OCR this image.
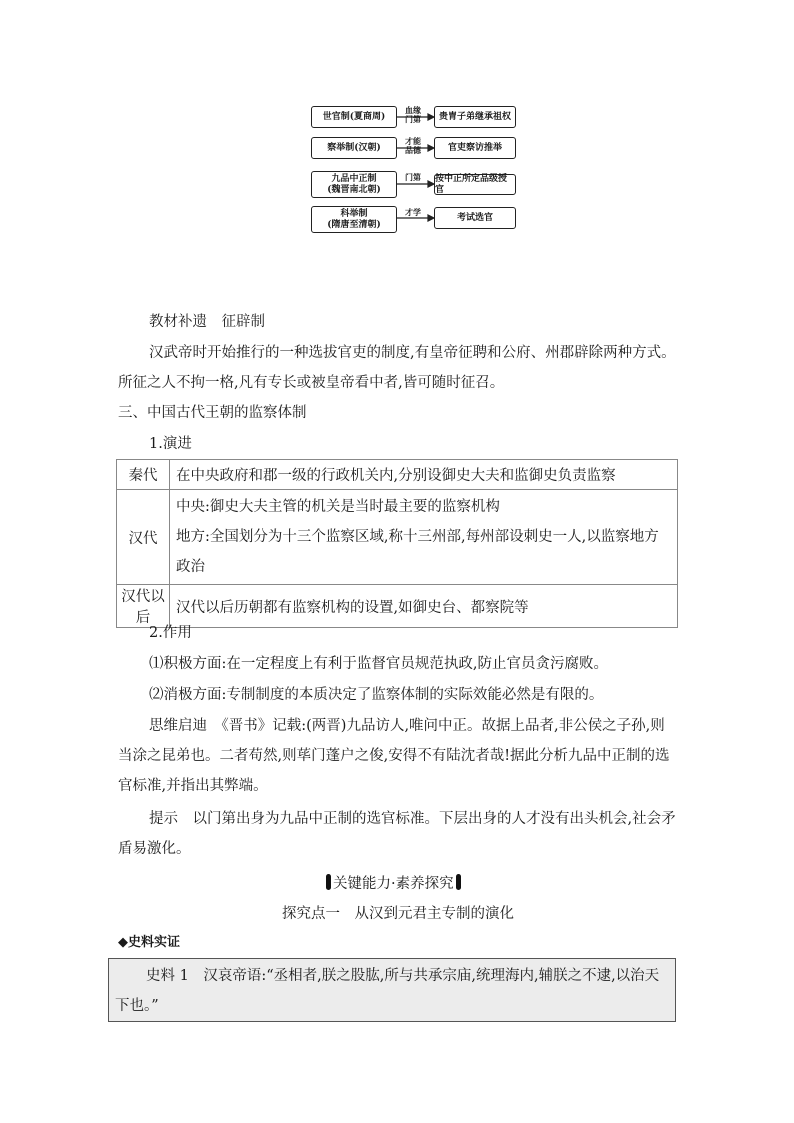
世官制(夏商周)
血缘
门第	贵胄子弟继承祖权
察举制(汉朝)
才能
品德	官吏察访推举
九品中正制
(魏晋南北朝)
门第	按中正所定品级授官
科举制
(隋唐至清朝)
才学
考试选官
教材补遗　征辟制
汉武帝时开始推行的一种选拔官吏的制度,有皇帝征聘和公府、州郡辟除两种方式。所征之人不拘一格,凡有专长或被皇帝看中者,皆可随时征召。
三、中国古代王朝的监察体制
1.演进
秦代	在中央政府和郡一级的行政机关内,分别设御史大夫和监御史负责监察
汉代	中央:御史大夫主管的机关是当时最主要的监察机构
地方:全国划分为十三个监察区域,称十三州部,每州部设刺史一人,以监察地方政治

汉代以后	汉代以后历朝都有监察机构的设置,如御史台、都察院等
2.作用
⑴积极方面:在一定程度上有利于监督官员规范执政,防止官员贪污腐败。
⑵消极方面:专制制度的本质决定了监察体制的实际效能必然是有限的。
思维启迪　《晋书》记载:(两晋)九品访人,唯问中正。故据上品者,非公侯之子孙,则当涂之昆弟也。二者苟然,则荜门蓬户之俊,安得不有陆沈者哉!据此分析九品中正制的选官标准,并指出其弊端。
提示　以门第出身为九品中正制的选官标准。下层出身的人才没有出头机会,社会矛盾易激化。
关键能力·素养探究
探究点一　从汉到元君主专制的演化
◆史料实证
史料 1　汉哀帝语:“丞相者,朕之股肱,所与共承宗庙,统理海内,辅朕之不逮,以治天下也。”
